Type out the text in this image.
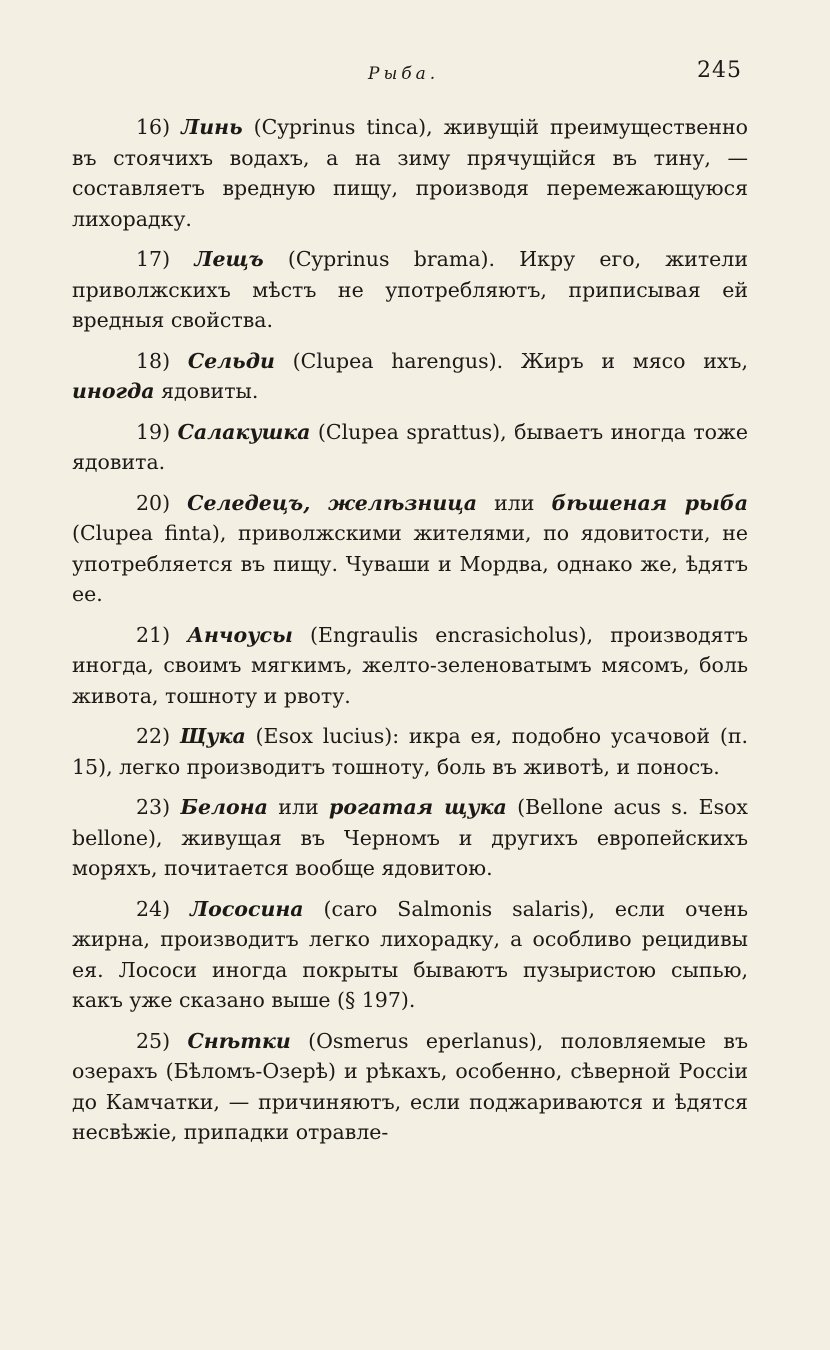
Рыба.	245

16) Линь (Cyprinus tinca), живущій преимущественно въ стоячихъ водахъ, а на зиму прячущійся въ тину, — составляетъ вредную пищу, производя перемежающуюся лихорадку.

17) Лещъ (Cyprinus brama). Икру его, жители приволжскихъ мѣстъ не употребляютъ, приписывая ей вредныя свойства.

18) Сельди (Clupea harengus). Жиръ и мясо ихъ, иногда ядовиты.

19) Салакушка (Clupea sprattus), бываетъ иногда тоже ядовита.

20) Селедецъ, желѣзница или бѣшеная рыба (Clupea finta), приволжскими жителями, по ядовитости, не употребляется въ пищу. Чуваши и Мордва, однако же, ѣдятъ ее.

21) Анчоусы (Engraulis encrasicholus), производятъ иногда, своимъ мягкимъ, желто-зеленоватымъ мясомъ, боль живота, тошноту и рвоту.

22) Щука (Esox lucius): икра ея, подобно усачовой (п. 15), легко производитъ тошноту, боль въ животѣ, и поносъ.

23) Белона или рогатая щука (Bellone acus s. Esox bellone), живущая въ Черномъ и другихъ европейскихъ моряхъ, почитается вообще ядовитою.

24) Лососина (caro Salmonis salaris), если очень жирна, производитъ легко лихорадку, а особливо рецидивы ея. Лососи иногда покрыты бываютъ пузыристою сыпью, какъ уже сказано выше (§ 197).

25) Снѣтки (Osmerus eperlanus), половляемые въ озерахъ (Бѣломъ-Озерѣ) и рѣкахъ, особенно, сѣверной Россіи до Камчатки, — причиняютъ, если поджариваются и ѣдятся несвѣжіе, припадки отравле-
